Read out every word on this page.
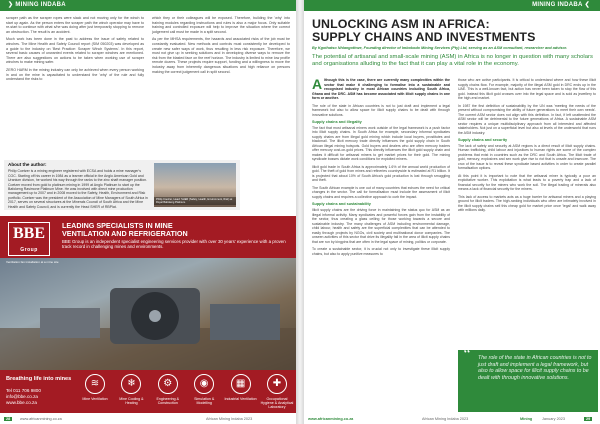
❯ MINING INDABA

scraper path as the scraper ropes were slack and not moving only for the winch to start up again. As the person enters the scraper path the winch operator may have to re-start to continue with what s/he was doing after just temporarily stopping to remove an obstruction. The result is an accident.

Much work has been done in the past to address the issue of safety related to winches. The Mine Health and Safety Council report (SIM 050203) was developed as a guide to the industry on 'Best Practice: Scraper Winch Systems'. In this report, several basic causes of unwanted events related to scraper winches are mentioned. There are also suggestions on actions to be taken when working use of scraper winches to make mining safer.

ZERO HARM in the mining industry can only be achieved when every person working in and on the mine is capacitated to understand the 'why' of the rule and fully understand the risks to

which they or their colleagues will be exposed. Therefore, building the 'why' into training modules regarding instructions and rules is also a major focus. Only suitable training and controlled exposure will help to improve the situation where the correct judgement call must be made in a split second.

As per the MHSA requirements, the hazards and associated risks of the job must be constantly evaluated. New methods and controls must consistently be developed to create new safer ways of work, thus resulting in less risk exposure. Therefore, we must not give up in seeking solutions and in developing diverse ways to remove the risk from the blasted face on the reef horizon. The industry is limited to mine low profile remote dozers. These projects require support, funding and a willingness to move the industry away from inherently dangerous situations and high reliance on persons making the correct judgement call in split second.

About the author:
Philip Coetzer is a mining engineer registered with ECSA and holds a mine manager's COC. Starting off his career in 1984 as a learner official in the Anglo American Gold and Uranium division, he worked his way through the ranks to the zinc shaft manager position. Coetzer moved from gold to platinum mining in 1999 at Anglo Platinum to start up the Bafokeng Rasimone Platinum Mine. He was involved with direct mine production management up to 2007 and in 2008 moved to the Safety, Health, Environment and Risk portfolio. Coetzer was the president of the Association of Mine Managers of South Africa in 2017, serves on several structures at the Minerals Council of South Africa and the Mine Health and Safety Council, and is currently the Head SHER of RBPlat.
Philip Coetzer, Head: SHER (Safety, Health, Environment, Risk) at Royal Bafokeng Platinum.
BBE
Group
LEADING SPECIALISTS IN MINE
VENTILATION AND REFRIGERATION
BBE Group is an independent specialist engineering services provider with over 30 years' experience with a proven track record in challenging mines and environments.
Ventilation fan installation at a mine site
Breathing life into mines
Tel 011 706 9800
info@bbe.co.za
www.bbe.co.za
≋
Mine Ventilation
❄
Mine Cooling & Heating
⚙
Engineering & Construction
◉
Simulation & Modelling
▦
Industrial Ventilation
✚
Occupational Hygiene & Analytical Laboratory
MINING INDABA ❮
UNLOCKING ASM IN AFRICA:
SUPPLY CHAINS AND INVESTMENTS
By Kgothatso Nhlangothwe, Founding director of Imbokodo Mining Services (Pty) Ltd, serving as an ASM consultant, researcher and advisor.
The potential of artisanal and small-scale mining (ASM) in Africa is no longer in question with many scholars and organisations alluding to the fact that it can play a vital role in the economy.

Although this is the case, there are currently many complexities within the sector that make it challenging to formalise into a sustainable and recognised industry in most African countries including South Africa, Ghana and the DRC. ASM has become associated with illicit supply chains in one form or another.

The role of the state in African countries is not to just draft and implement a legal framework but also to allow space for illicit supply chains to be dealt with through innovative solutions.

Supply chains and illegality

The fact that most artisanal miners work outside of the legal framework is a push factor into illicit supply chains. In South Africa for example, secondary informal syndicates supply chains are from illegal gold mining which include local buyers, prostitutes and blackmail. The illicit mercury trade directly influences the gold supply chain in South African illegal mining hotspots. Gold buyers and dealers who are often mercury traders offer mercury cost-on-gold prices. This directly influences the illicit gold supply chain and makes it difficult for artisanal miners to get market prices for their gold. The mining syndicate bosses dictate work conditions for exploited miners.

Illicit gold trade in South Africa is approximately 1.6% of the annual world production of gold. The theft of gold from mines and refineries countrywide is estimated at R1 billion. It is projected that about 10% of South Africa's gold production is lost through smuggling and theft.

The South African example is one out of many countries that echoes the need for critical changes in the sector. The call for formalisation must include the assessment of illicit supply chains and requires a collective approach to curb the impact.

Supply chains and sustainability

Illicit supply chains are the driving force in maintaining the status quo for ASM as an illegal informal activity. Many syndicates and powerful forces gain from the instability of the sector, thus creating a glass ceiling for those working towards a secure and sustainable industry. The many challenges of ASM including environmental damage, child labour, health and safety are the superficial complexities that can be attended to easily through projects by NGOs, civil society and multinational donor companies. The unseen activities of this sector that drive its illegality fall in the area of illicit supply chains that are run by kingpins that are often in the legal space of mining, politics or corporate.

To create a sustainable sector, it is crucial not only to investigate these illicit supply chains, but also to apply punitive measures to

those who are active participants. It is critical to understand where and how these illicit supply chains flow. For example, majority of the illegal ASM gold in DRC ends up in the UAE. This is a well-known fact, but action has never been taken to stop the flow of this gold. Instead this illicit gold crosses over into the legal space and is sold as jewellery to the high-end market.

In 1987 the first definition of sustainability by the UN was 'meeting the needs of the present without compromising the ability of future generations to meet their own needs'. The current ASM sector does not align with this definition. In fact, if left unattended the ASM sector will be detrimental to the future generations of Africa. A sustainable ASM sector requires a unique multidisciplinary approach from all interested and affected stakeholders. Not just on a superficial level but also at levels of the underworld that runs the ASM industry.

Supply chains and security

The lack of safety and security at ASM regions is a direct result of illicit supply chains. Human trafficking, child labour and injustices to human rights are some of the complex problems that exist in countries such as the DRC and South Africa. The illicit trade of gold, mercury, explosives and sex work give rise to riot that is unsafe and insecure. The crux of the issue is to reveal these syndicate based activities in order to create parallel formalisation options.

At this point it is important to note that the artisanal miner is typically a poor an exploitative worker. This exploitation is what leads to a poverty trap and a lack of financial security for the miners who work the soil. The illegal trading of minerals also means a lack of financial security for the miners.

This lack of access to markets acts as a huge barrier for artisanal miners and a playing ground for illicit traders. The high-ranking individuals who often are intimately involved in the illicit supply chains sell this cheap gold for market price once 'legal' and walk away with millions daily.

“ The role of the state in African countries is not to just draft and implement a legal framework, but also to allow space for illicit supply chains to be dealt with through innovative solutions.
28	www.africanmining.co.za	African Mining Indaba 2023	www.africanmining.co.za	African Mining Indaba 2023	Mining	January 2023	29
